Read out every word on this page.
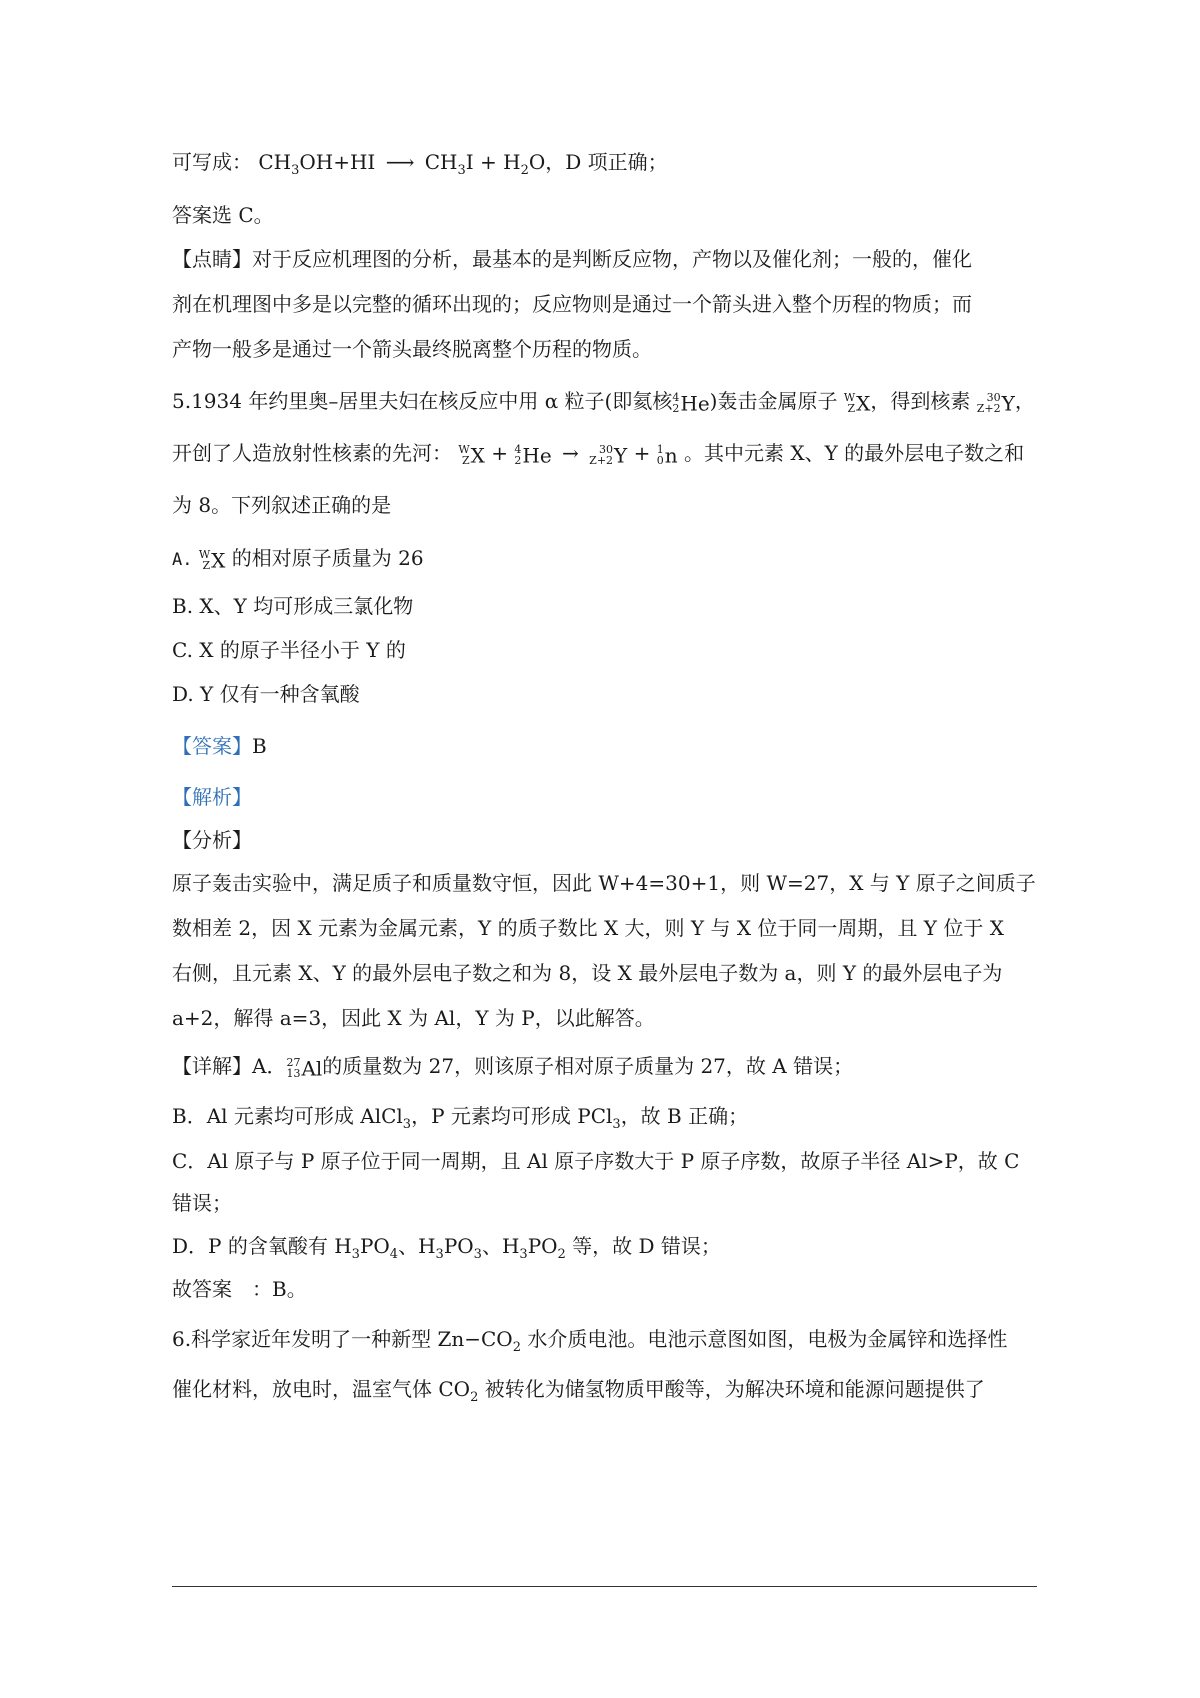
可写成： $CH_3OH+HI$ ⟶ $CH_3I + H_2O$，D 项正确；
答案选 C。
【点睛】对于反应机理图的分析，最基本的是判断反应物，产物以及催化剂；一般的，催化
剂在机理图中多是以完整的循环出现的；反应物则是通过一个箭头进入整个历程的物质；而
产物一般多是通过一个箭头最终脱离整个历程的物质。
5.1934 年约里奥–居里夫妇在核反应中用 α 粒子(即氦核 4
2 He)轰击金属原子 W
Z X，得到核素 30
Z+2 Y，
开创了人造放射性核素的先河： W
Z X + 4
2 He → 30
Z+2 Y + 1
0 n 。其中元素 X、Y 的最外层电子数之和
为 8。下列叙述正确的是
A. W
Z X 的相对原子质量为 26
B. X、Y 均可形成三氯化物
C. X 的原子半径小于 Y 的
D. Y 仅有一种含氧酸
【答案】B
【解析】
【分析】
原子轰击实验中，满足质子和质量数守恒，因此 W+4=30+1，则 W=27，X 与 Y 原子之间质子
数相差 2，因 X 元素为金属元素，Y 的质子数比 X 大，则 Y 与 X 位于同一周期，且 Y 位于 X
右侧，且元素 X、Y 的最外层电子数之和为 8，设 X 最外层电子数为 a，则 Y 的最外层电子为
a+2，解得 a=3，因此 X 为 Al，Y 为 P，以此解答。
【详解】A． 27
13 Al的质量数为 27，则该原子相对原子质量为 27，故 A 错误；
B．Al 元素均可形成 AlCl$_3$，P 元素均可形成 PCl$_3$，故 B 正确；
C．Al 原子与 P 原子位于同一周期，且 Al 原子序数大于 P 原子序数，故原子半径 Al>P，故 C
错误；
D．P 的含氧酸有 $H_3PO_4$、$H_3PO_3$、$H_3PO_2$ 等，故 D 错误；
故答案　：B。
6.科学家近年发明了一种新型 $Zn-CO_2$ 水介质电池。电池示意图如图，电极为金属锌和选择性
催化材料，放电时，温室气体 $CO_2$ 被转化为储氢物质甲酸等，为解决环境和能源问题提供了
